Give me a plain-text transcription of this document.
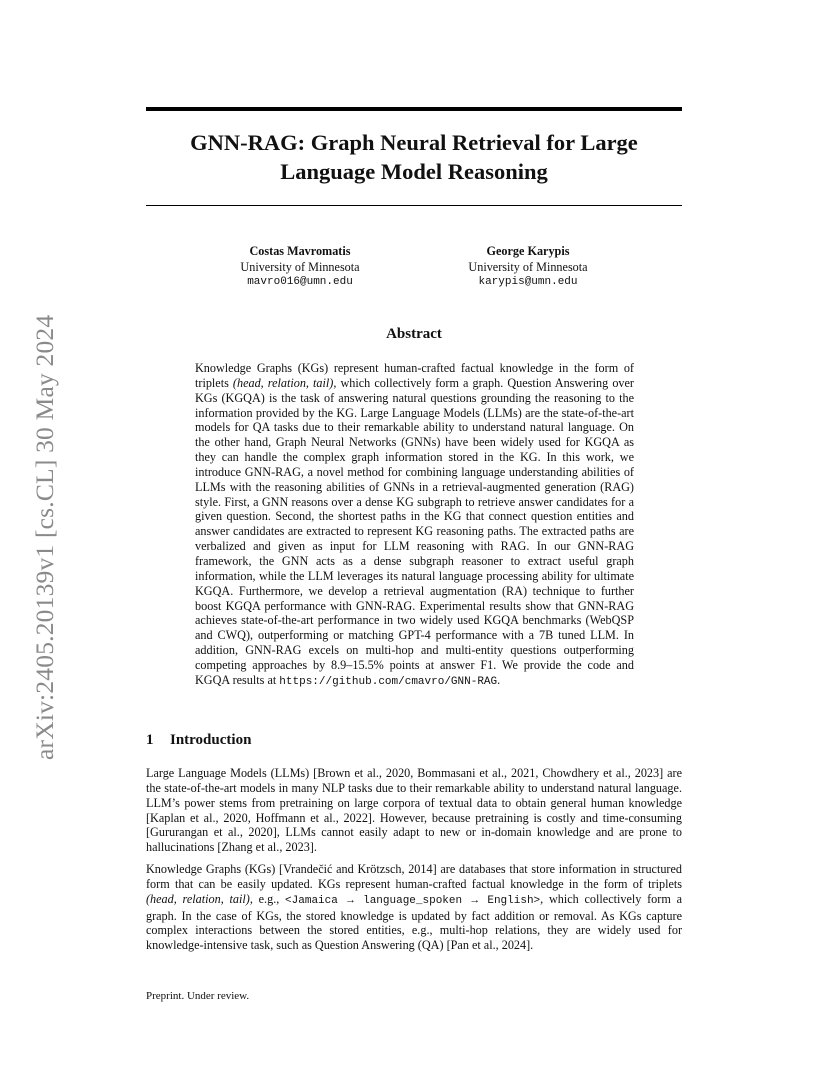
arXiv:2405.20139v1 [cs.CL] 30 May 2024
GNN-RAG: Graph Neural Retrieval for Large
Language Model Reasoning
Costas Mavromatis
University of Minnesota
mavro016@umn.edu
George Karypis
University of Minnesota
karypis@umn.edu
Abstract

Knowledge Graphs (KGs) represent human-crafted factual knowledge in the form of triplets (head, relation, tail), which collectively form a graph. Question Answering over KGs (KGQA) is the task of answering natural questions grounding the reasoning to the information provided by the KG. Large Language Models (LLMs) are the state-of-the-art models for QA tasks due to their remarkable ability to understand natural language. On the other hand, Graph Neural Networks (GNNs) have been widely used for KGQA as they can handle the complex graph information stored in the KG. In this work, we introduce GNN-RAG, a novel method for combining language understanding abilities of LLMs with the reasoning abilities of GNNs in a retrieval-augmented generation (RAG) style. First, a GNN reasons over a dense KG subgraph to retrieve answer candidates for a given question. Second, the shortest paths in the KG that connect question entities and answer candidates are extracted to represent KG reasoning paths. The extracted paths are verbalized and given as input for LLM reasoning with RAG. In our GNN-RAG framework, the GNN acts as a dense subgraph reasoner to extract useful graph information, while the LLM leverages its natural language processing ability for ultimate KGQA. Furthermore, we develop a retrieval augmentation (RA) technique to further boost KGQA performance with GNN-RAG. Experimental results show that GNN-RAG achieves state-of-the-art performance in two widely used KGQA benchmarks (WebQSP and CWQ), outperforming or matching GPT-4 performance with a 7B tuned LLM. In addition, GNN-RAG excels on multi-hop and multi-entity questions outperforming competing approaches by 8.9–15.5% points at answer F1. We provide the code and KGQA results at https://github.com/cmavro/GNN-RAG.

1 Introduction

Large Language Models (LLMs) [Brown et al., 2020, Bommasani et al., 2021, Chowdhery et al., 2023] are the state-of-the-art models in many NLP tasks due to their remarkable ability to understand natural language. LLM’s power stems from pretraining on large corpora of textual data to obtain general human knowledge [Kaplan et al., 2020, Hoffmann et al., 2022]. However, because pretraining is costly and time-consuming [Gururangan et al., 2020], LLMs cannot easily adapt to new or in-domain knowledge and are prone to hallucinations [Zhang et al., 2023].

Knowledge Graphs (KGs) [Vrandečić and Krötzsch, 2014] are databases that store information in structured form that can be easily updated. KGs represent human-crafted factual knowledge in the form of triplets (head, relation, tail), e.g., <Jamaica → language_spoken → English>, which collectively form a graph. In the case of KGs, the stored knowledge is updated by fact addition or removal. As KGs capture complex interactions between the stored entities, e.g., multi-hop relations, they are widely used for knowledge-intensive task, such as Question Answering (QA) [Pan et al., 2024].

Preprint. Under review.
